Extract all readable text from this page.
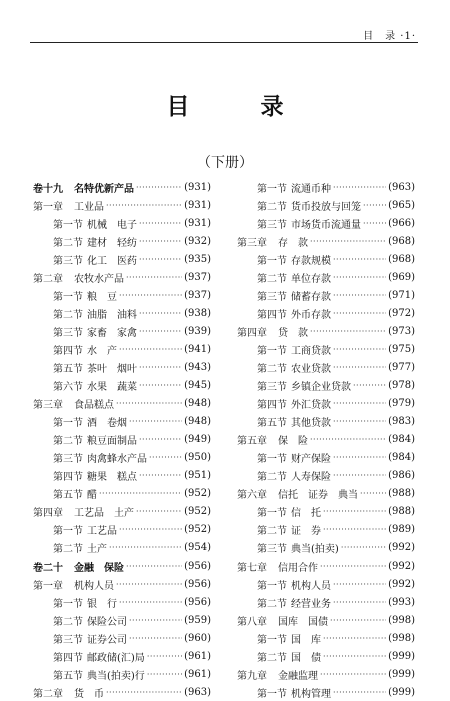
目　录 ·1·
目　录
（下册）
卷十九	名特优新产品 ·····	(931)
第一章	工业品 ·····	(931)
第一节 机械　电子 ·····	(931)
第二节 建材　轻纺 ·····	(932)
第三节 化工　医药 ·····	(935)
第二章	农牧水产品 ·····	(937)
第一节 粮　豆 ·····	(937)
第二节 油脂　油料 ·····	(938)
第三节 家畜　家禽 ·····	(939)
第四节 水　产 ·····	(941)
第五节 茶叶　烟叶 ·····	(943)
第六节 水果　蔬菜 ·····	(945)
第三章	食品糕点 ·····	(948)
第一节 酒　卷烟 ·····	(948)
第二节 粮豆面制品 ·····	(949)
第三节 肉禽蜂水产品 ·····	(950)
第四节 糖果　糕点 ·····	(951)
第五节 醋 ·····	(952)
第四章	工艺品　土产 ·····	(952)
第一节 工艺品 ·····	(952)
第二节 土产 ·····	(954)
卷二十	金融　保险 ·····	(956)
第一章	机构人员 ·····	(956)
第一节 银　行 ·····	(956)
第二节 保险公司 ·····	(959)
第三节 证券公司 ·····	(960)
第四节 邮政储(汇)局 ·····	(961)
第五节 典当(拍卖)行 ·····	(961)
第二章	货　币 ·····	(963)
第一节 流通币种 ·····	(963)
第二节 货币投放与回笼 ·····	(965)
第三节 市场货币流通量 ·····	(966)
第三章	存　款 ·····	(968)
第一节 存款规模 ·····	(968)
第二节 单位存款 ·····	(969)
第三节 储蓄存款 ·····	(971)
第四节 外币存款 ·····	(972)
第四章	贷　款 ·····	(973)
第一节 工商贷款 ·····	(975)
第二节 农业贷款 ·····	(977)
第三节 乡镇企业贷款 ·····	(978)
第四节 外汇贷款 ·····	(979)
第五节 其他贷款 ·····	(983)
第五章	保　险 ·····	(984)
第一节 财产保险 ·····	(984)
第二节 人寿保险 ·····	(986)
第六章	信托　证券　典当 ·····	(988)
第一节 信　托 ·····	(988)
第二节 证　券 ·····	(989)
第三节 典当(拍卖) ·····	(992)
第七章	信用合作 ·····	(992)
第一节 机构人员 ·····	(992)
第二节 经营业务 ·····	(993)
第八章	国库　国债 ·····	(998)
第一节 国　库 ·····	(998)
第二节 国　债 ·····	(999)
第九章	金融监理 ·····	(999)
第一节 机构管理 ·····	(999)
